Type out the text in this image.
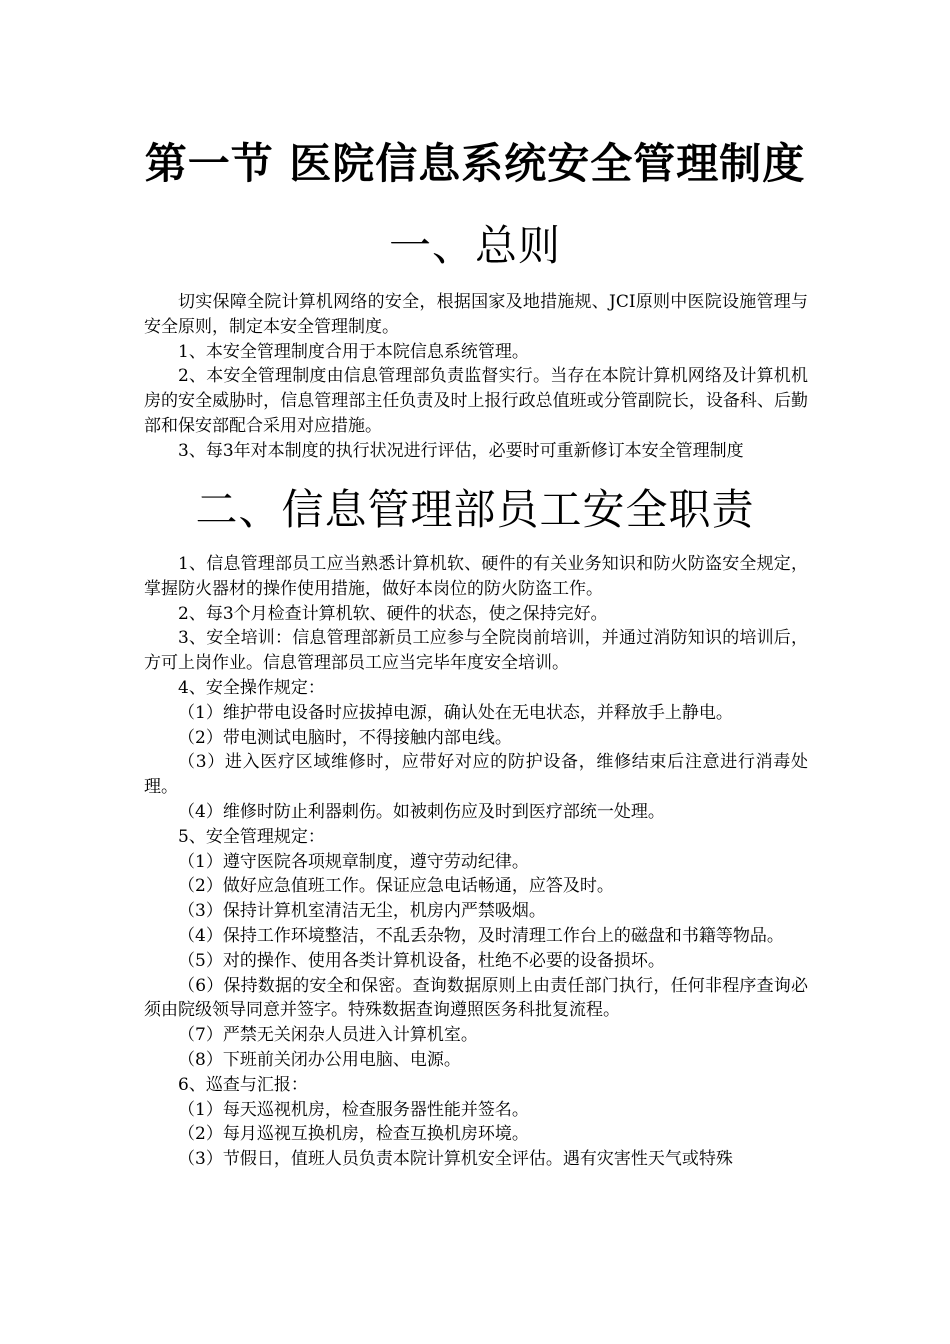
第一节 医院信息系统安全管理制度
一、总则

切实保障全院计算机网络的安全，根据国家及地措施规、JCI原则中医院设施管理与安全原则，制定本安全管理制度。

1、本安全管理制度合用于本院信息系统管理。

2、本安全管理制度由信息管理部负责监督实行。当存在本院计算机网络及计算机机房的安全威胁时，信息管理部主任负责及时上报行政总值班或分管副院长，设备科、后勤部和保安部配合采用对应措施。

3、每3年对本制度的执行状况进行评估，必要时可重新修订本安全管理制度

二、信息管理部员工安全职责

1、信息管理部员工应当熟悉计算机软、硬件的有关业务知识和防火防盗安全规定，掌握防火器材的操作使用措施，做好本岗位的防火防盗工作。

2、每3个月检查计算机软、硬件的状态，使之保持完好。

3、安全培训：信息管理部新员工应参与全院岗前培训，并通过消防知识的培训后，方可上岗作业。信息管理部员工应当完毕年度安全培训。

4、安全操作规定：

（1）维护带电设备时应拔掉电源，确认处在无电状态，并释放手上静电。

（2）带电测试电脑时，不得接触内部电线。

（3）进入医疗区域维修时，应带好对应的防护设备，维修结束后注意进行消毒处理。

（4）维修时防止利器刺伤。如被刺伤应及时到医疗部统一处理。

5、安全管理规定：

（1）遵守医院各项规章制度，遵守劳动纪律。

（2）做好应急值班工作。保证应急电话畅通，应答及时。

（3）保持计算机室清洁无尘，机房内严禁吸烟。

（4）保持工作环境整洁，不乱丢杂物，及时清理工作台上的磁盘和书籍等物品。

（5）对的操作、使用各类计算机设备，杜绝不必要的设备损坏。

（6）保持数据的安全和保密。查询数据原则上由责任部门执行，任何非程序查询必须由院级领导同意并签字。特殊数据查询遵照医务科批复流程。

（7）严禁无关闲杂人员进入计算机室。

（8）下班前关闭办公用电脑、电源。

6、巡查与汇报：

（1）每天巡视机房，检查服务器性能并签名。

（2）每月巡视互换机房，检查互换机房环境。

（3）节假日，值班人员负责本院计算机安全评估。遇有灾害性天气或特殊
